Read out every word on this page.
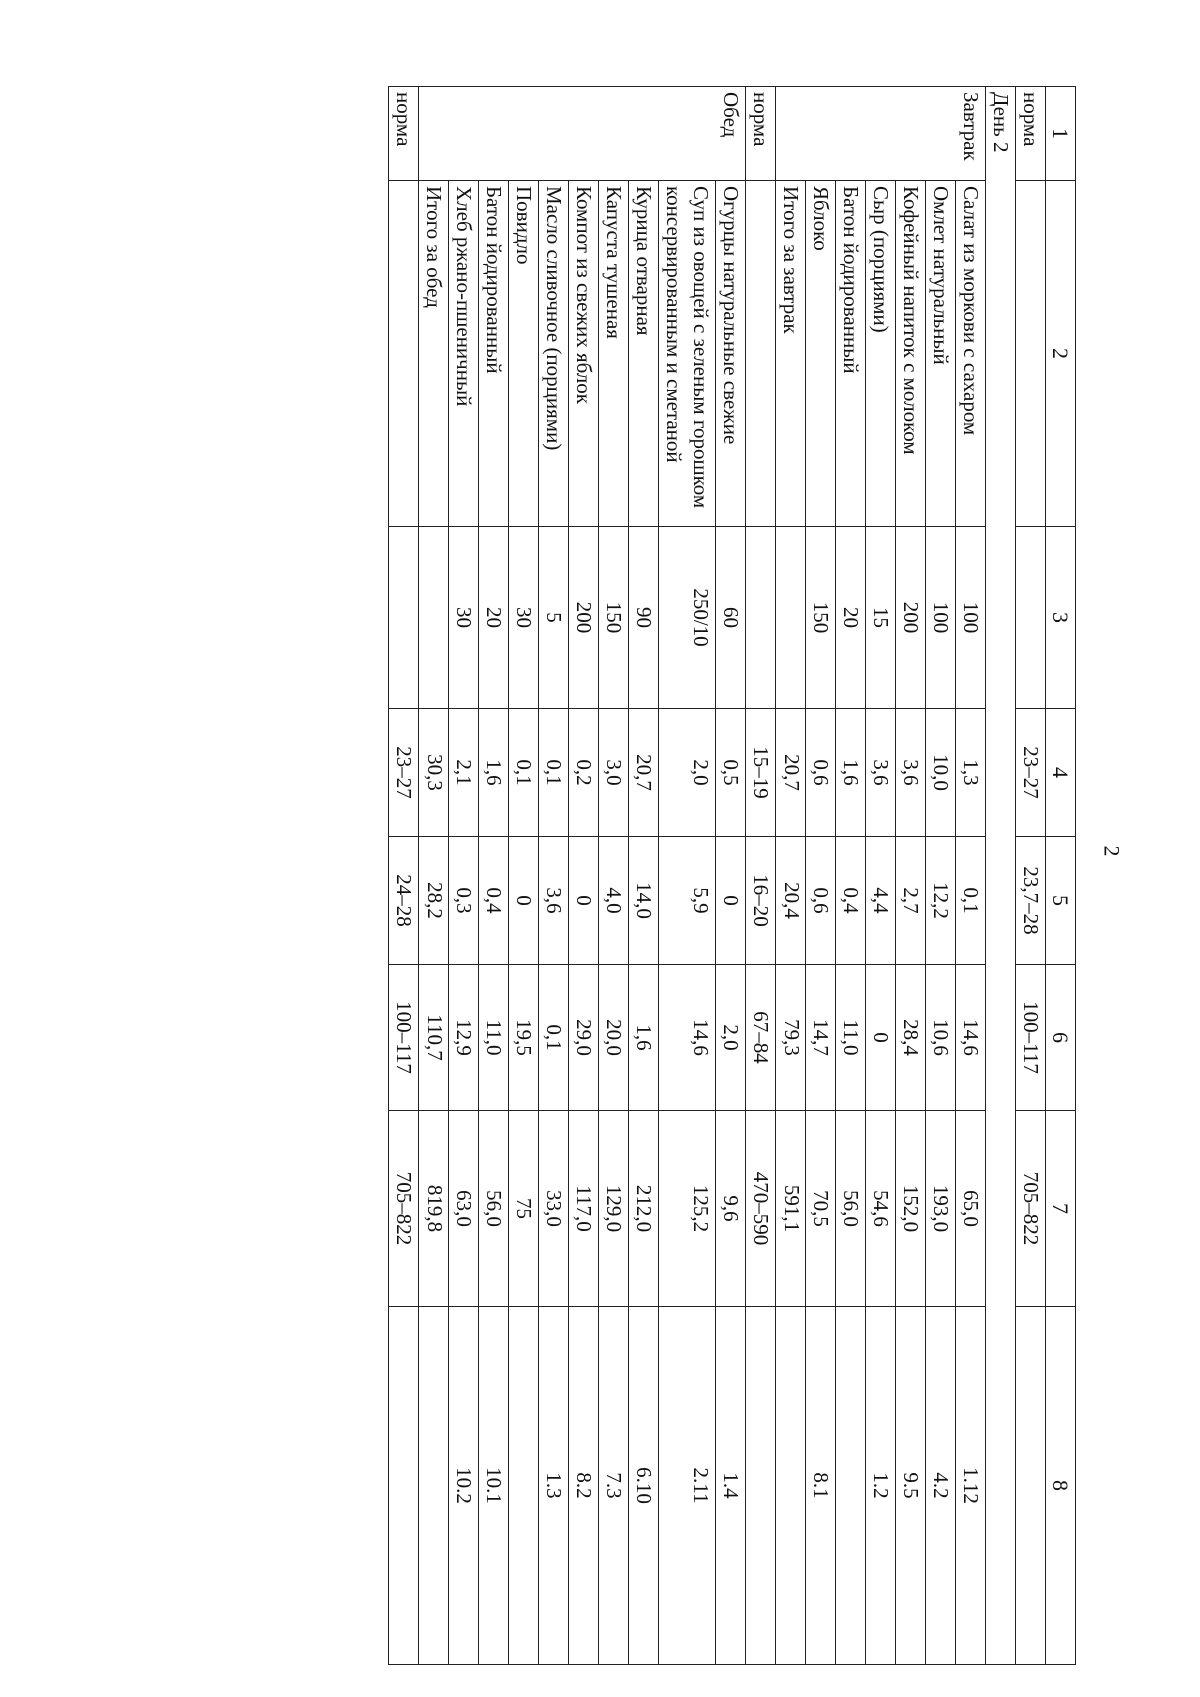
2
1	2	3	4	5	6	7	8
норма			23–27	23,7–28	100–117	705–822	
День 2							
Завтрак	Салат из моркови с сахаром	100	1,3	0,1	14,6	65,0	1.12
	Омлет натуральный	100	10,0	12,2	10,6	193,0	4.2
	Кофейный напиток с молоком	200	3,6	2,7	28,4	152,0	9.5
	Сыр (порциями)	15	3,6	4,4	0	54,6	1.2
	Батон йодированный	20	1,6	0,4	11,0	56,0	
	Яблоко	150	0,6	0,6	14,7	70,5	8.1
	Итого за завтрак		20,7	20,4	79,3	591,1	
норма			15–19	16–20	67–84	470–590	
Обед	Огурцы натуральные свежие	60	0,5	0	2,0	9,6	1.4
	Суп из овощей с зеленым горошком консервированным и сметаной	250/10	2,0	5,9	14,6	125,2	2.11
	Курица отварная	90	20,7	14,0	1,6	212,0	6.10
	Капуста тушеная	150	3,0	4,0	20,0	129,0	7.3
	Компот из свежих яблок	200	0,2	0	29,0	117,0	8.2
	Масло сливочное (порциями)	5	0,1	3,6	0,1	33,0	1.3
	Повидло	30	0,1	0	19,5	75	
	Батон йодированный	20	1,6	0,4	11,0	56,0	10.1
	Хлеб ржано-пшеничный	30	2,1	0,3	12,9	63,0	10.2
	Итого за обед		30,3	28,2	110,7	819,8	
норма			23–27	24–28	100–117	705–822	
